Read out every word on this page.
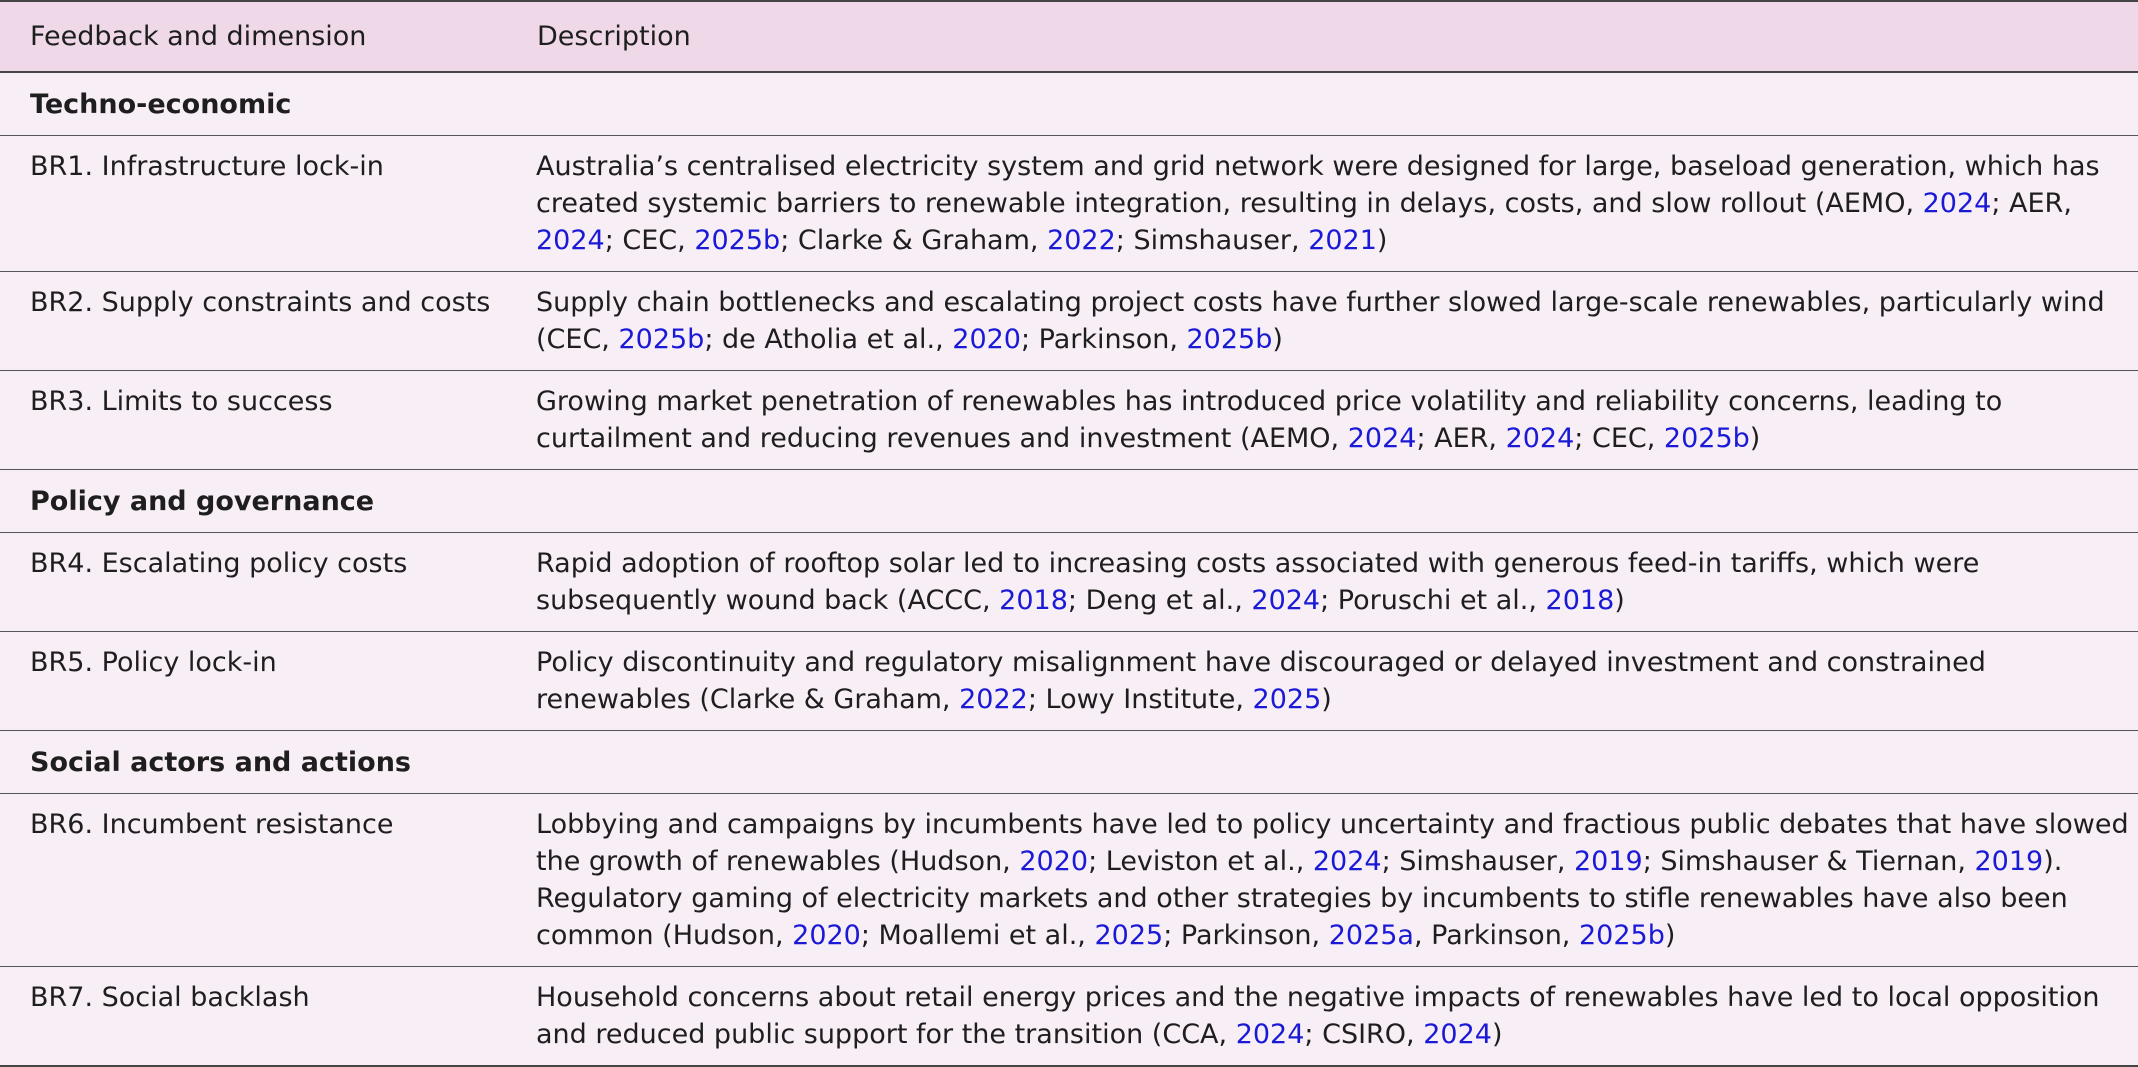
Feedback and dimension	Description
Techno-economic	
BR1. Infrastructure lock-in	Australia’s centralised electricity system and grid network were designed for large, baseload generation, which has created systemic barriers to renewable integration, resulting in delays, costs, and slow rollout (AEMO, 2024; AER, 2024; CEC, 2025b; Clarke & Graham, 2022; Simshauser, 2021)
BR2. Supply constraints and costs	Supply chain bottlenecks and escalating project costs have further slowed large-scale renewables, particularly wind (CEC, 2025b; de Atholia et al., 2020; Parkinson, 2025b)
BR3. Limits to success	Growing market penetration of renewables has introduced price volatility and reliability concerns, leading to curtailment and reducing revenues and investment (AEMO, 2024; AER, 2024; CEC, 2025b)
Policy and governance	
BR4. Escalating policy costs	Rapid adoption of rooftop solar led to increasing costs associated with generous feed-in tariffs, which were subsequently wound back (ACCC, 2018; Deng et al., 2024; Poruschi et al., 2018)
BR5. Policy lock-in	Policy discontinuity and regulatory misalignment have discouraged or delayed investment and constrained renewables (Clarke & Graham, 2022; Lowy Institute, 2025)
Social actors and actions	
BR6. Incumbent resistance	Lobbying and campaigns by incumbents have led to policy uncertainty and fractious public debates that have slowed the growth of renewables (Hudson, 2020; Leviston et al., 2024; Simshauser, 2019; Simshauser & Tiernan, 2019). Regulatory gaming of electricity markets and other strategies by incumbents to stifle renewables have also been common (Hudson, 2020; Moallemi et al., 2025; Parkinson, 2025a, Parkinson, 2025b)
BR7. Social backlash	Household concerns about retail energy prices and the negative impacts of renewables have led to local opposition and reduced public support for the transition (CCA, 2024; CSIRO, 2024)
